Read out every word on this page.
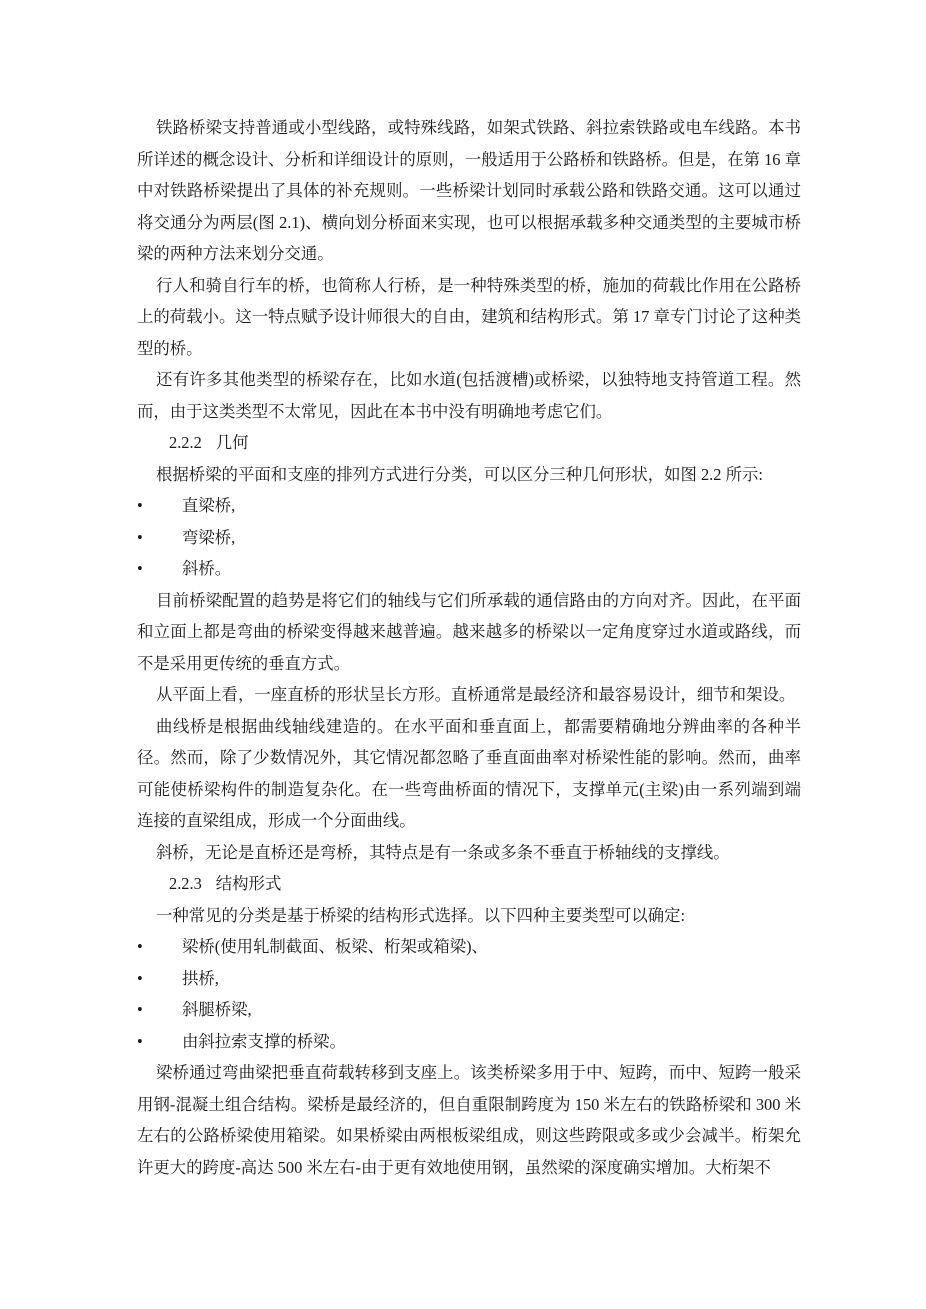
铁路桥梁支持普通或小型线路，或特殊线路，如架式铁路、斜拉索铁路或电车线路。本书所详述的概念设计、分析和详细设计的原则，一般适用于公路桥和铁路桥。但是，在第 16 章中对铁路桥梁提出了具体的补充规则。一些桥梁计划同时承载公路和铁路交通。这可以通过将交通分为两层(图 2.1)、横向划分桥面来实现，也可以根据承载多种交通类型的主要城市桥梁的两种方法来划分交通。

行人和骑自行车的桥，也简称人行桥，是一种特殊类型的桥，施加的荷载比作用在公路桥上的荷载小。这一特点赋予设计师很大的自由，建筑和结构形式。第 17 章专门讨论了这种类型的桥。

还有许多其他类型的桥梁存在，比如水道(包括渡槽)或桥梁，以独特地支持管道工程。然而，由于这类类型不太常见，因此在本书中没有明确地考虑它们。

2.2.2 几何

根据桥梁的平面和支座的排列方式进行分类，可以区分三种几何形状，如图 2.2 所示:

• 直梁桥,

• 弯梁桥,

• 斜桥。

目前桥梁配置的趋势是将它们的轴线与它们所承载的通信路由的方向对齐。因此，在平面和立面上都是弯曲的桥梁变得越来越普遍。越来越多的桥梁以一定角度穿过水道或路线，而不是采用更传统的垂直方式。

从平面上看，一座直桥的形状呈长方形。直桥通常是最经济和最容易设计，细节和架设。

曲线桥是根据曲线轴线建造的。在水平面和垂直面上，都需要精确地分辨曲率的各种半径。然而，除了少数情况外，其它情况都忽略了垂直面曲率对桥梁性能的影响。然而，曲率可能使桥梁构件的制造复杂化。在一些弯曲桥面的情况下，支撑单元(主梁)由一系列端到端连接的直梁组成，形成一个分面曲线。

斜桥，无论是直桥还是弯桥，其特点是有一条或多条不垂直于桥轴线的支撑线。

2.2.3 结构形式

一种常见的分类是基于桥梁的结构形式选择。以下四种主要类型可以确定:

• 梁桥(使用轧制截面、板梁、桁架或箱梁)、

• 拱桥,

• 斜腿桥梁,

• 由斜拉索支撑的桥梁。

梁桥通过弯曲梁把垂直荷载转移到支座上。该类桥梁多用于中、短跨，而中、短跨一般采用钢-混凝土组合结构。梁桥是最经济的，但自重限制跨度为 150 米左右的铁路桥梁和 300 米左右的公路桥梁使用箱梁。如果桥梁由两根板梁组成，则这些跨限或多或少会减半。桁架允许更大的跨度-高达 500 米左右-由于更有效地使用钢，虽然梁的深度确实增加。大桁架不
